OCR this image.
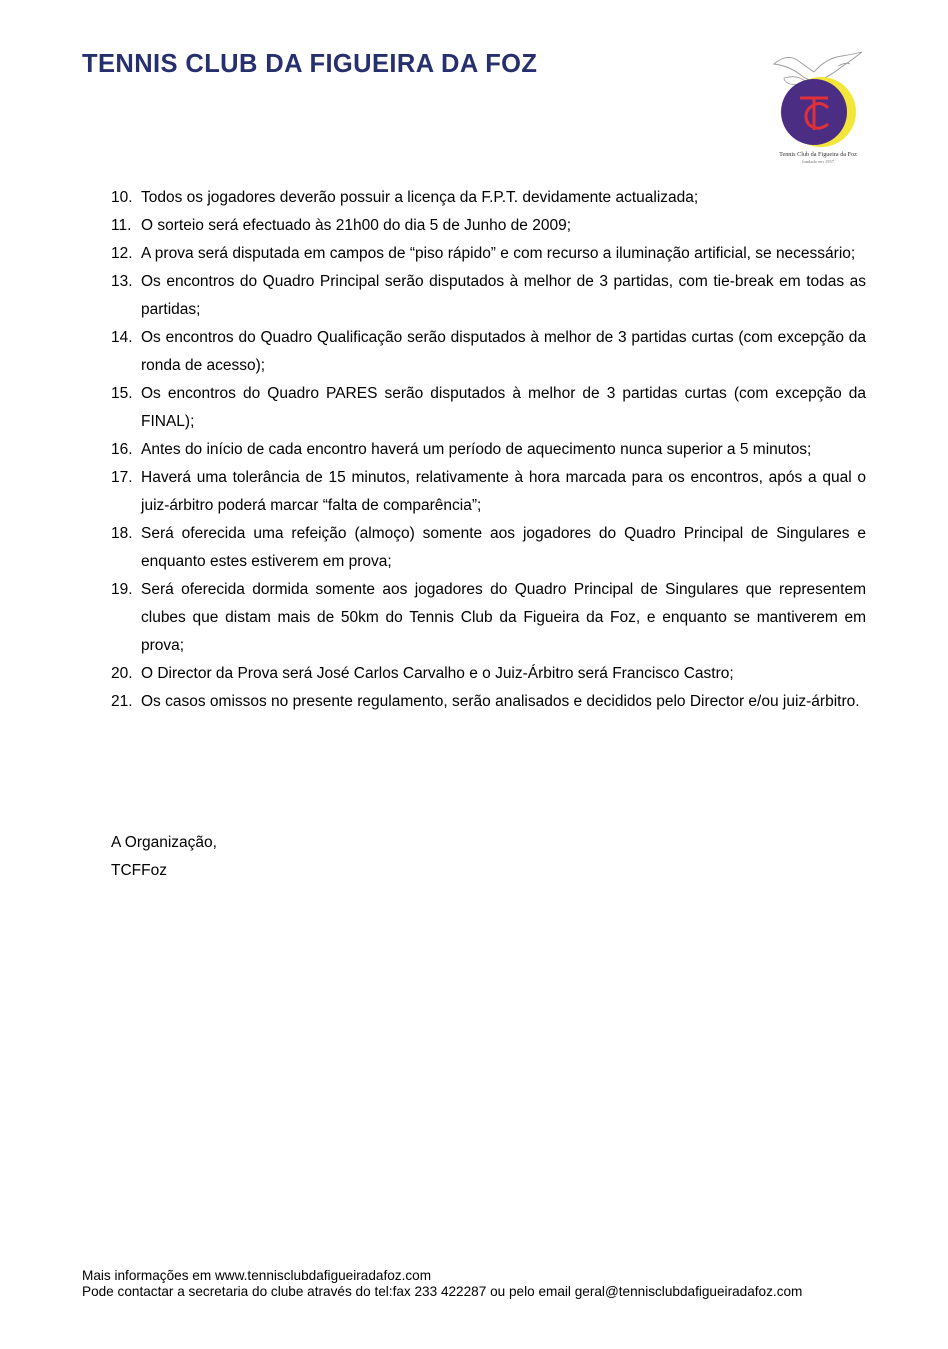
TENNIS CLUB DA FIGUEIRA DA FOZ
Tennis Club da Figueira da Foz
fundado em 1957
10. Todos os jogadores deverão possuir a licença da F.P.T. devidamente actualizada;
11. O sorteio será efectuado às 21h00 do dia 5 de Junho de 2009;
12. A prova será disputada em campos de “piso rápido” e com recurso a iluminação artificial, se necessário;
13. Os encontros do Quadro Principal serão disputados à melhor de 3 partidas, com tie-break em todas as partidas;
14. Os encontros do Quadro Qualificação serão disputados à melhor de 3 partidas curtas (com excepção da ronda de acesso);
15. Os encontros do Quadro PARES serão disputados à melhor de 3 partidas curtas (com excepção da FINAL);
16. Antes do início de cada encontro haverá um período de aquecimento nunca superior a 5 minutos;
17. Haverá uma tolerância de 15 minutos, relativamente à hora marcada para os encontros, após a qual o juiz-árbitro poderá marcar “falta de comparência”;
18. Será oferecida uma refeição (almoço) somente aos jogadores do Quadro Principal de Singulares e enquanto estes estiverem em prova;
19. Será oferecida dormida somente aos jogadores do Quadro Principal de Singulares que representem clubes que distam mais de 50km do Tennis Club da Figueira da Foz, e enquanto se mantiverem em prova;
20. O Director da Prova será José Carlos Carvalho e o Juiz-Árbitro será Francisco Castro;
21. Os casos omissos no presente regulamento, serão analisados e decididos pelo Director e/ou juiz-árbitro.
A Organização,
TCFFoz
Mais informações em www.tennisclubdafigueiradafoz.com
Pode contactar a secretaria do clube através do tel:fax 233 422287 ou pelo email geral@tennisclubdafigueiradafoz.com
